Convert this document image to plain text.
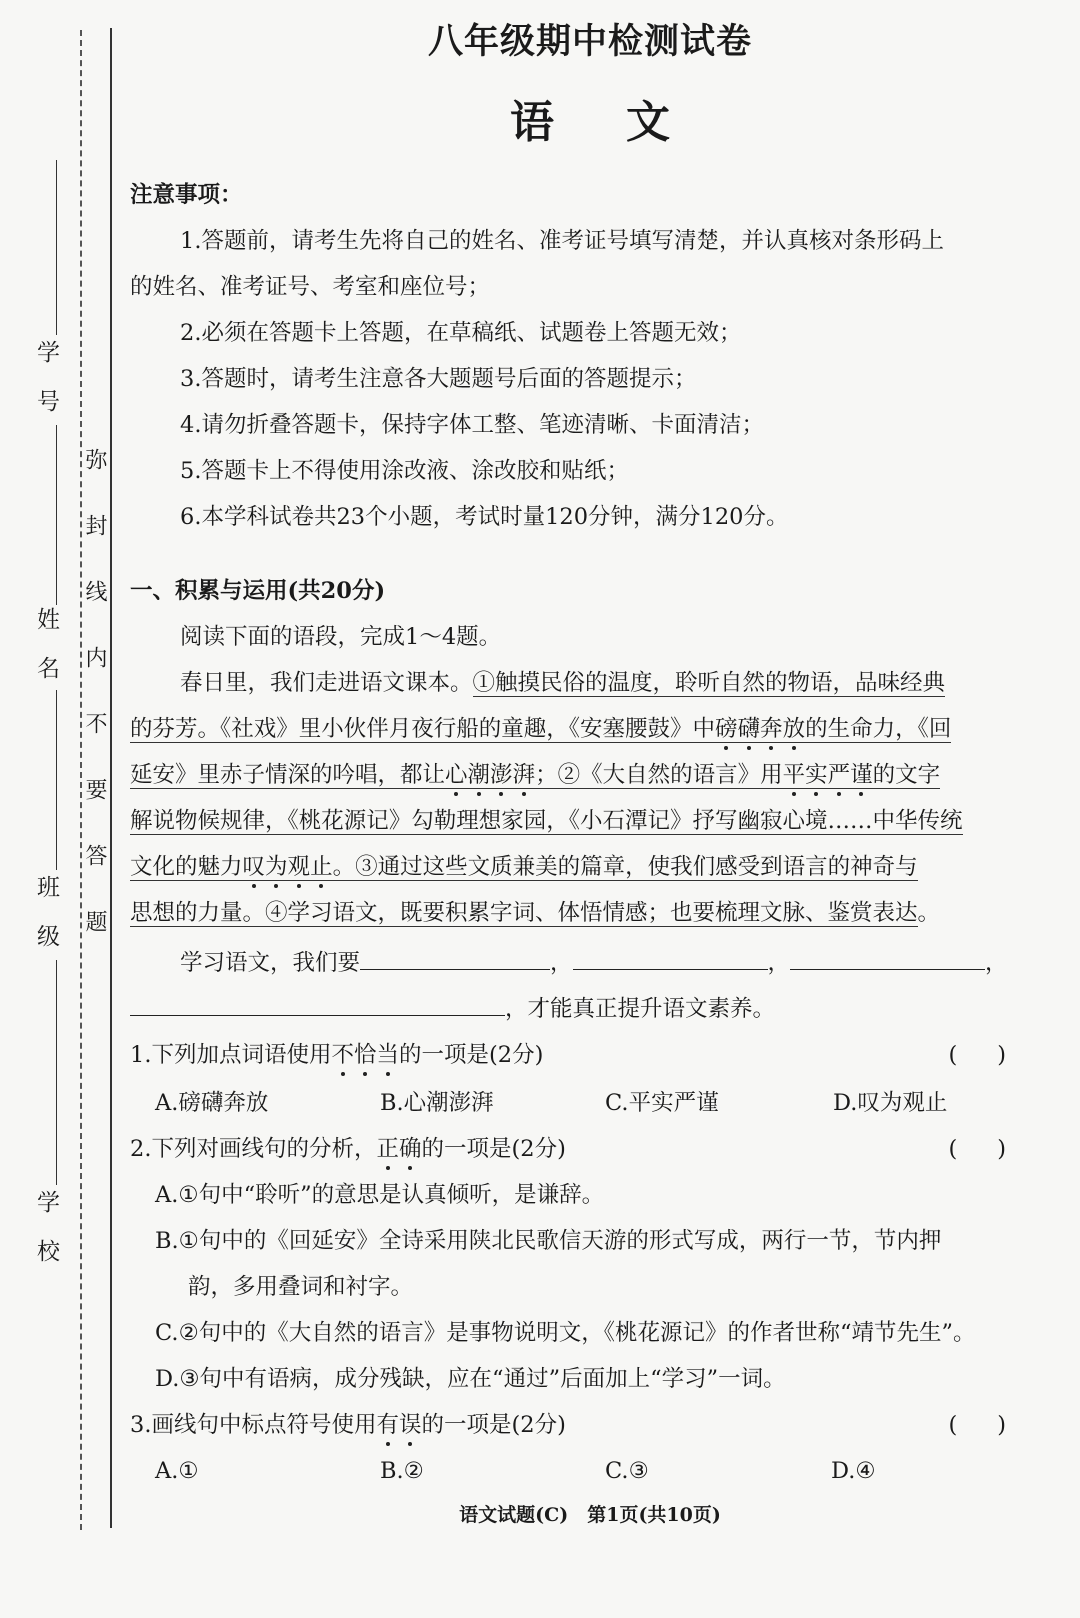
学号
姓名
班级
学校
弥封线内不要答题
八年级期中检测试卷
语文
注意事项：
1.答题前，请考生先将自己的姓名、准考证号填写清楚，并认真核对条形码上
的姓名、准考证号、考室和座位号；
2.必须在答题卡上答题，在草稿纸、试题卷上答题无效；
3.答题时，请考生注意各大题题号后面的答题提示；
4.请勿折叠答题卡，保持字体工整、笔迹清晰、卡面清洁；
5.答题卡上不得使用涂改液、涂改胶和贴纸；
6.本学科试卷共23个小题，考试时量120分钟，满分120分。
一、积累与运用(共20分)
阅读下面的语段，完成1～4题。
春日里，我们走进语文课本。①触摸民俗的温度，聆听自然的物语，品味经典
的芬芳。《社戏》里小伙伴月夜行船的童趣，《安塞腰鼓》中磅礴奔放的生命力，《回
延安》里赤子情深的吟唱，都让心潮澎湃；②《大自然的语言》用平实严谨的文字
解说物候规律，《桃花源记》勾勒理想家园，《小石潭记》抒写幽寂心境……中华传统
文化的魅力叹为观止。③通过这些文质兼美的篇章，使我们感受到语言的神奇与
思想的力量。④学习语文，既要积累字词、体悟情感；也要梳理文脉、鉴赏表达。
学习语文，我们要	，	，	，
，才能真正提升语文素养。
1.下列加点词语使用不恰当的一项是(2分)	()
A.磅礴奔放	B.心潮澎湃	C.平实严谨	D.叹为观止
2.下列对画线句的分析，正确的一项是(2分)	()
A.①句中“聆听”的意思是认真倾听，是谦辞。
B.①句中的《回延安》全诗采用陕北民歌信天游的形式写成，两行一节，节内押
韵，多用叠词和衬字。
C.②句中的《大自然的语言》是事物说明文，《桃花源记》的作者世称“靖节先生”。
D.③句中有语病，成分残缺，应在“通过”后面加上“学习”一词。
3.画线句中标点符号使用有误的一项是(2分)	()
A.①	B.②	C.③	D.④
语文试题(C)　第1页(共10页)
